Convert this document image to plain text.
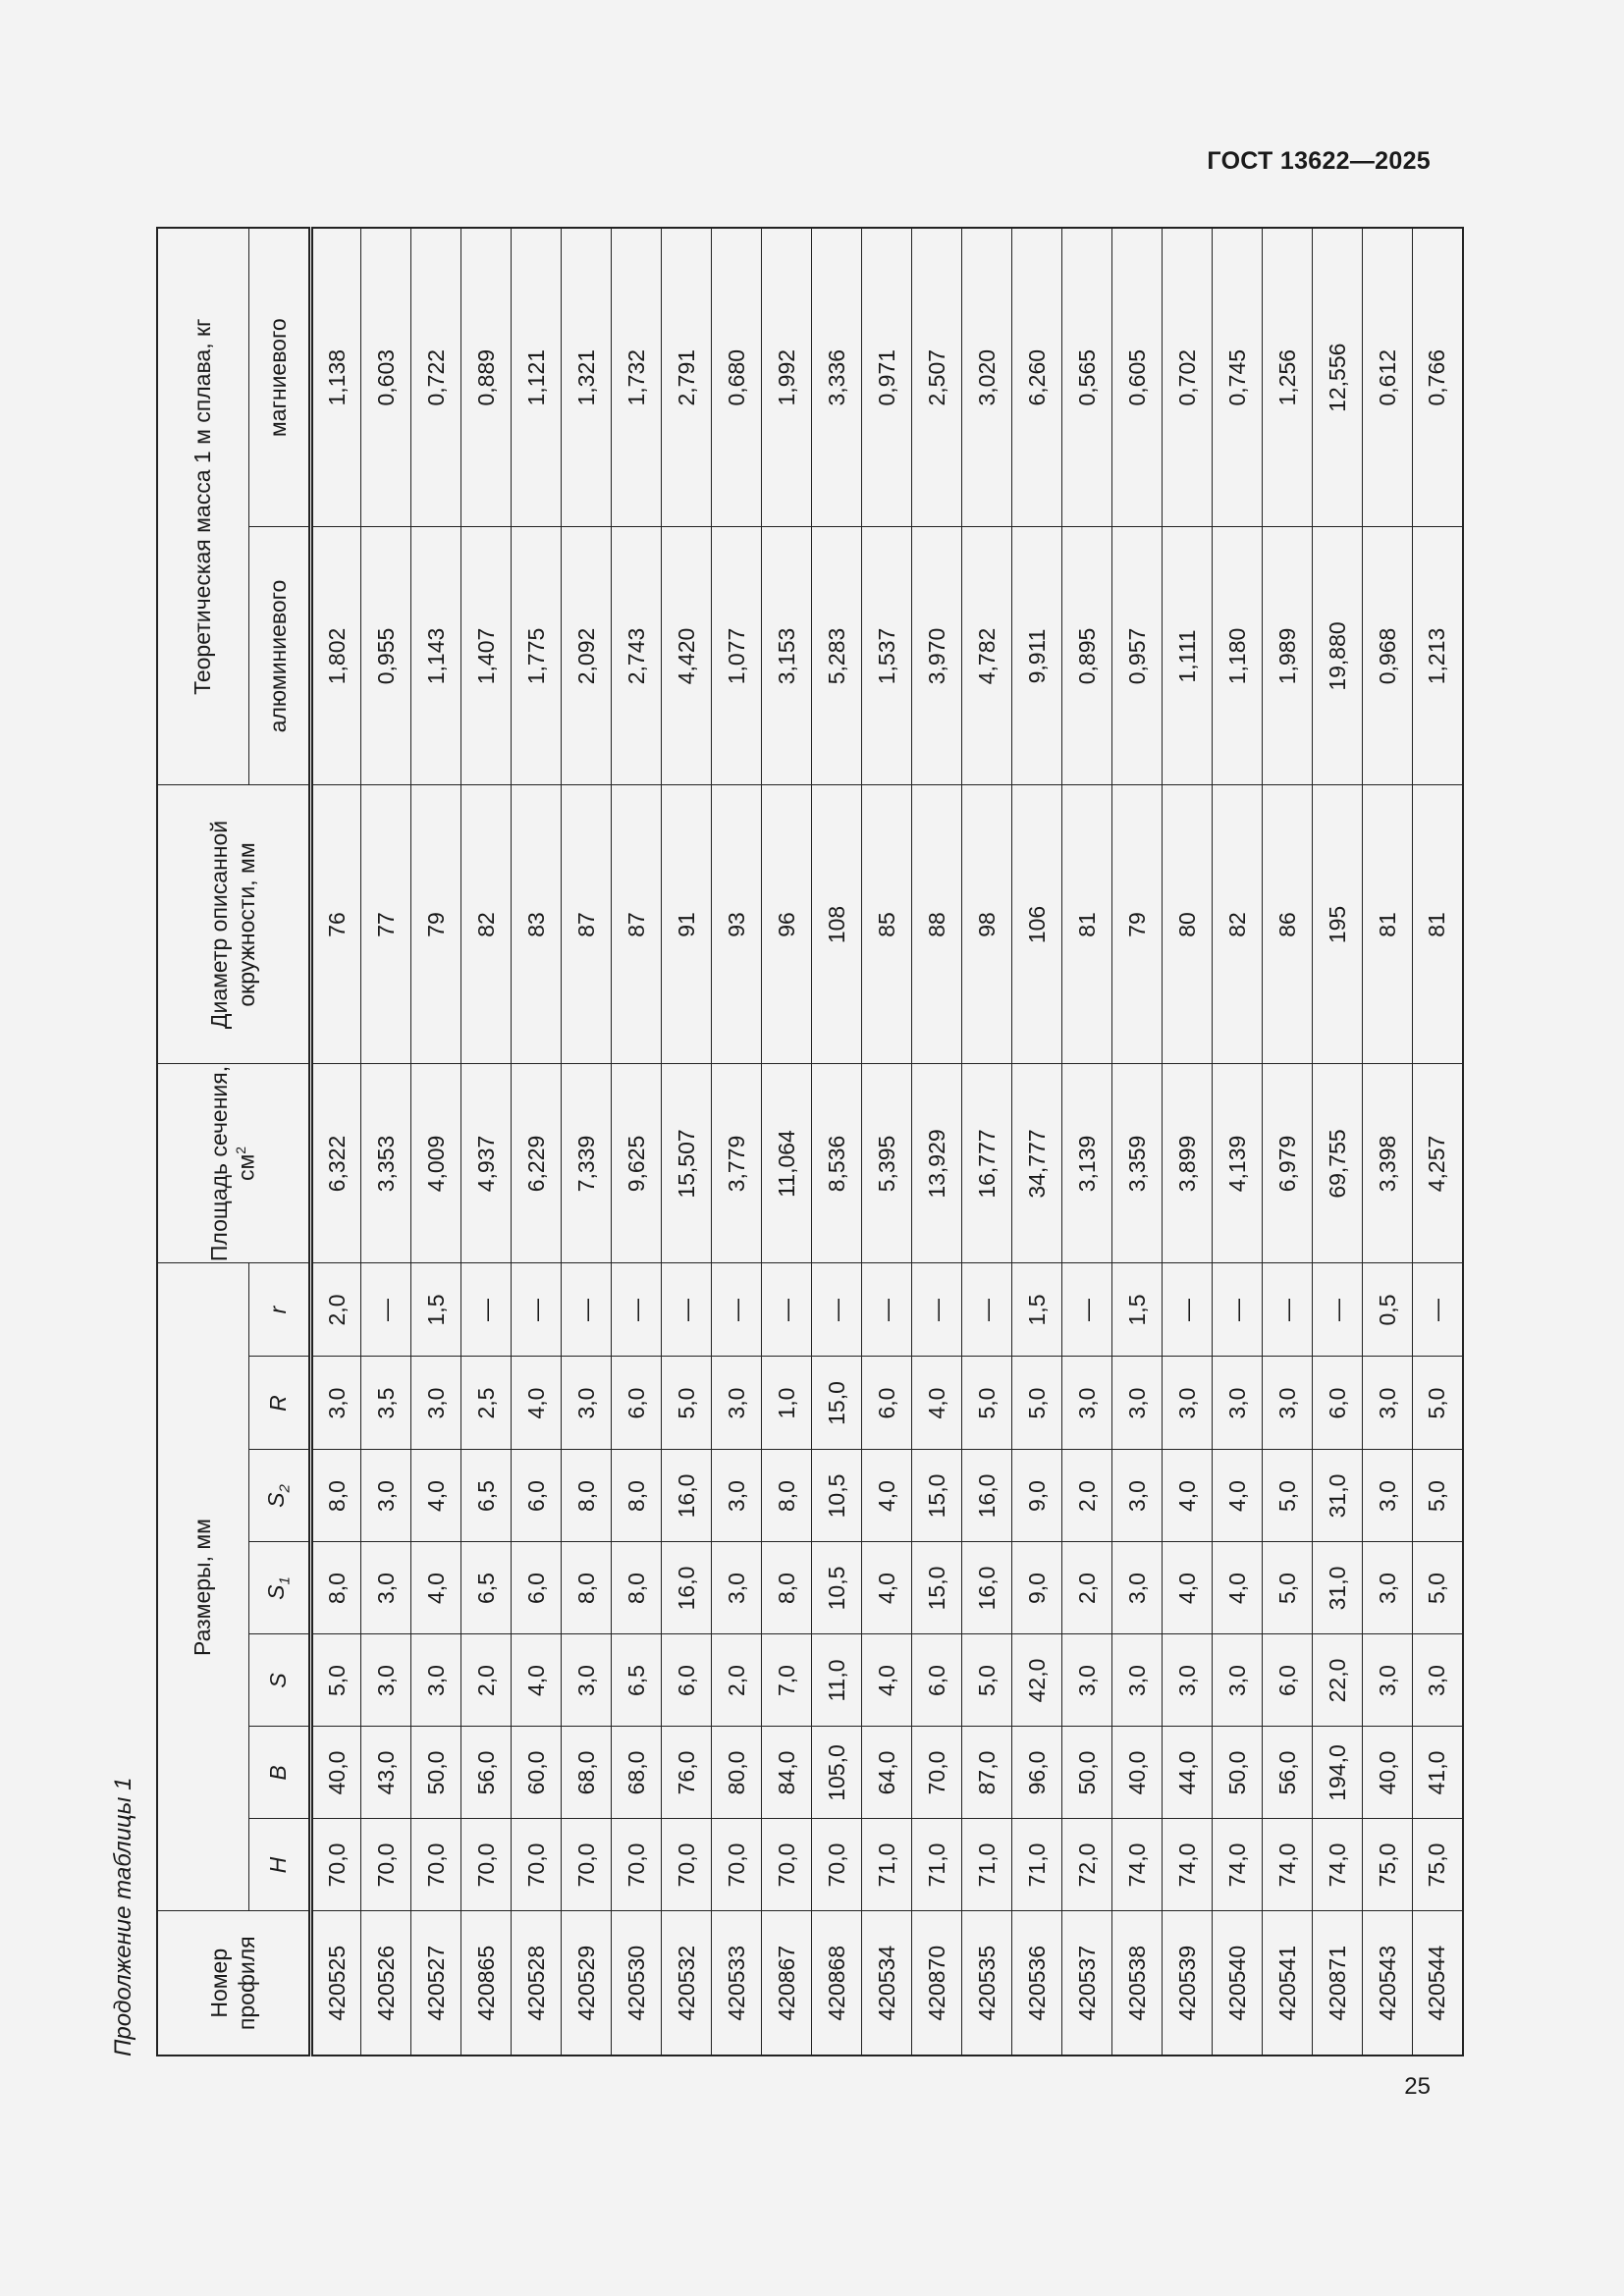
ГОСТ 13622—2025
Продолжение таблицы 1	Номер профиля	Размеры, мм							Площадь сечения, $см^2$	Диаметр описанной окружности, мм	Теоретическая масса 1 м сплава, кг	
	H	B	S	$S_1$	$S_2$	R	r			алюминиевого	магниевого
420525	70,0	40,0	5,0	8,0	8,0	3,0	2,0	6,322	76	1,802	1,138
420526	70,0	43,0	3,0	3,0	3,0	3,5	—	3,353	77	0,955	0,603
420527	70,0	50,0	3,0	4,0	4,0	3,0	1,5	4,009	79	1,143	0,722
420865	70,0	56,0	2,0	6,5	6,5	2,5	—	4,937	82	1,407	0,889
420528	70,0	60,0	4,0	6,0	6,0	4,0	—	6,229	83	1,775	1,121
420529	70,0	68,0	3,0	8,0	8,0	3,0	—	7,339	87	2,092	1,321
420530	70,0	68,0	6,5	8,0	8,0	6,0	—	9,625	87	2,743	1,732
420532	70,0	76,0	6,0	16,0	16,0	5,0	—	15,507	91	4,420	2,791
420533	70,0	80,0	2,0	3,0	3,0	3,0	—	3,779	93	1,077	0,680
420867	70,0	84,0	7,0	8,0	8,0	1,0	—	11,064	96	3,153	1,992
420868	70,0	105,0	11,0	10,5	10,5	15,0	—	8,536	108	5,283	3,336
420534	71,0	64,0	4,0	4,0	4,0	6,0	—	5,395	85	1,537	0,971
420870	71,0	70,0	6,0	15,0	15,0	4,0	—	13,929	88	3,970	2,507
420535	71,0	87,0	5,0	16,0	16,0	5,0	—	16,777	98	4,782	3,020
420536	71,0	96,0	42,0	9,0	9,0	5,0	1,5	34,777	106	9,911	6,260
420537	72,0	50,0	3,0	2,0	2,0	3,0	—	3,139	81	0,895	0,565
420538	74,0	40,0	3,0	3,0	3,0	3,0	1,5	3,359	79	0,957	0,605
420539	74,0	44,0	3,0	4,0	4,0	3,0	—	3,899	80	1,111	0,702
420540	74,0	50,0	3,0	4,0	4,0	3,0	—	4,139	82	1,180	0,745
420541	74,0	56,0	6,0	5,0	5,0	3,0	—	6,979	86	1,989	1,256
420871	74,0	194,0	22,0	31,0	31,0	6,0	—	69,755	195	19,880	12,556
420543	75,0	40,0	3,0	3,0	3,0	3,0	0,5	3,398	81	0,968	0,612
420544	75,0	41,0	3,0	5,0	5,0	5,0	—	4,257	81	1,213	0,766
25
